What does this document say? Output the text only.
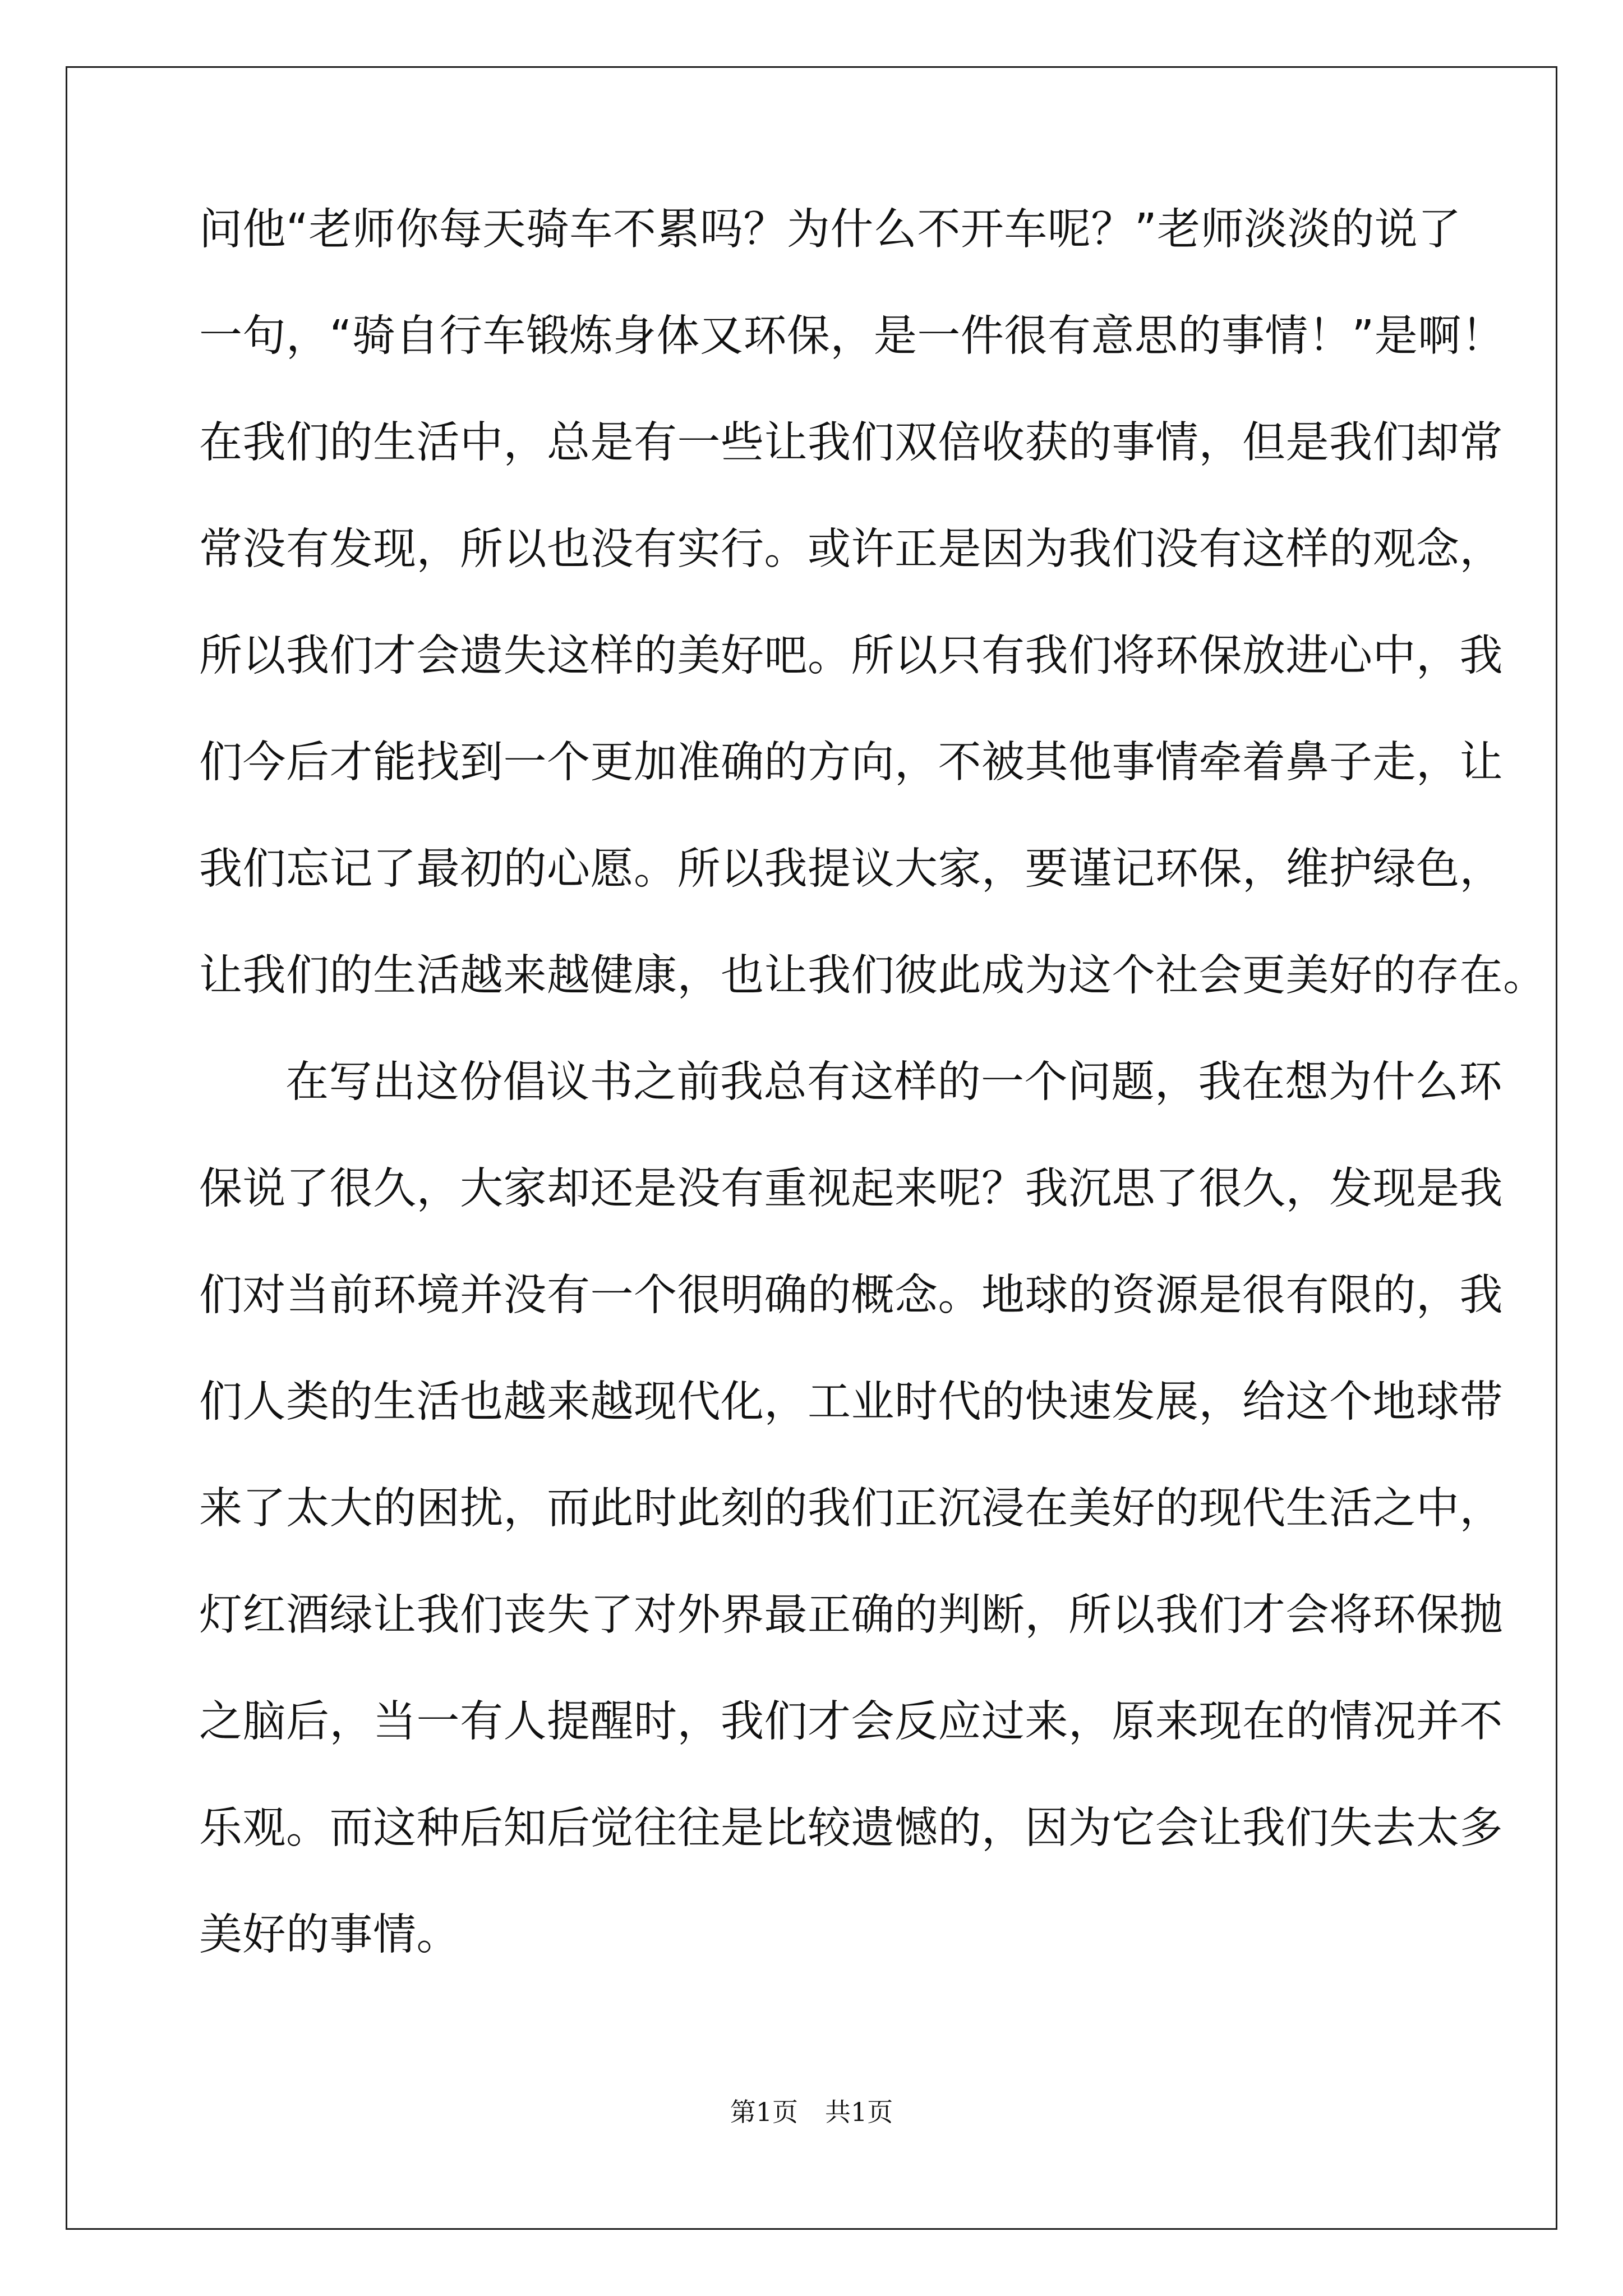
问他“老师你每天骑车不累吗？为什么不开车呢？”老师淡淡的说了
一句，“骑自行车锻炼身体又环保，是一件很有意思的事情！”是啊！
在我们的生活中，总是有一些让我们双倍收获的事情，但是我们却常
常没有发现，所以也没有实行。或许正是因为我们没有这样的观念，
所以我们才会遗失这样的美好吧。所以只有我们将环保放进心中，我
们今后才能找到一个更加准确的方向，不被其他事情牵着鼻子走，让
我们忘记了最初的心愿。所以我提议大家，要谨记环保，维护绿色，
让我们的生活越来越健康，也让我们彼此成为这个社会更美好的存在。
在写出这份倡议书之前我总有这样的一个问题，我在想为什么环
保说了很久，大家却还是没有重视起来呢？我沉思了很久，发现是我
们对当前环境并没有一个很明确的概念。地球的资源是很有限的，我
们人类的生活也越来越现代化，工业时代的快速发展，给这个地球带
来了太大的困扰，而此时此刻的我们正沉浸在美好的现代生活之中，
灯红酒绿让我们丧失了对外界最正确的判断，所以我们才会将环保抛
之脑后，当一有人提醒时，我们才会反应过来，原来现在的情况并不
乐观。而这种后知后觉往往是比较遗憾的，因为它会让我们失去太多
美好的事情。
第1页 共1页
